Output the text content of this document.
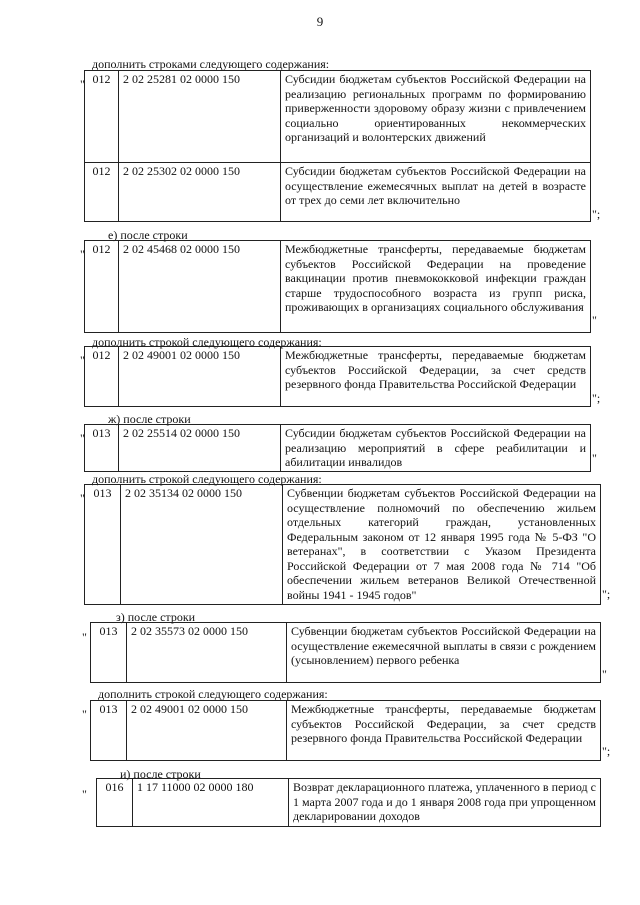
9
дополнить строками следующего содержания:
" 012	2 02 25281 02 0000 150	Субсидии бюджетам субъектов Российской Федерации на реализацию региональных программ по формированию приверженности здоровому образу жизни с привлечением социально ориентированных некоммерческих организаций и волонтерских движений
012	2 02 25302 02 0000 150	Субсидии бюджетам субъектов Российской Федерации на осуществление ежемесячных выплат на детей в возрасте от трех до семи лет включительно
";
е) после строки
" 012	2 02 45468 02 0000 150	Межбюджетные трансферты, передаваемые бюджетам субъектов Российской Федерации на проведение вакцинации против пневмококковой инфекции граждан старше трудоспособного возраста из групп риска, проживающих в организациях социального обслуживания
"
дополнить строкой следующего содержания:
" 012	2 02 49001 02 0000 150	Межбюджетные трансферты, передаваемые бюджетам субъектов Российской Федерации, за счет средств резервного фонда Правительства Российской Федерации
";
ж) после строки
" 013	2 02 25514 02 0000 150	Субсидии бюджетам субъектов Российской Федерации на реализацию мероприятий в сфере реабилитации и абилитации инвалидов	"
дополнить строкой следующего содержания:
" 013	2 02 35134 02 0000 150	Субвенции бюджетам субъектов Российской Федерации на осуществление полномочий по обеспечению жильем отдельных категорий граждан, установленных Федеральным законом от 12 января 1995 года № 5-ФЗ "О ветеранах", в соответствии с Указом Президента Российской Федерации от 7 мая 2008 года № 714 "Об обеспечении жильем ветеранов Великой Отечественной войны 1941 - 1945 годов"	";
з) после строки
" 013	2 02 35573 02 0000 150	Субвенции бюджетам субъектов Российской Федерации на осуществление ежемесячной выплаты в связи с рождением (усыновлением) первого ребенка
"
дополнить строкой следующего содержания:
" 013	2 02 49001 02 0000 150	Межбюджетные трансферты, передаваемые бюджетам субъектов Российской Федерации, за счет средств резервного фонда Правительства Российской Федерации
";
и) после строки
" 016	1 17 11000 02 0000 180	Возврат декларационного платежа, уплаченного в период с 1 марта 2007 года и до 1 января 2008 года при упрощенном декларировании доходов
